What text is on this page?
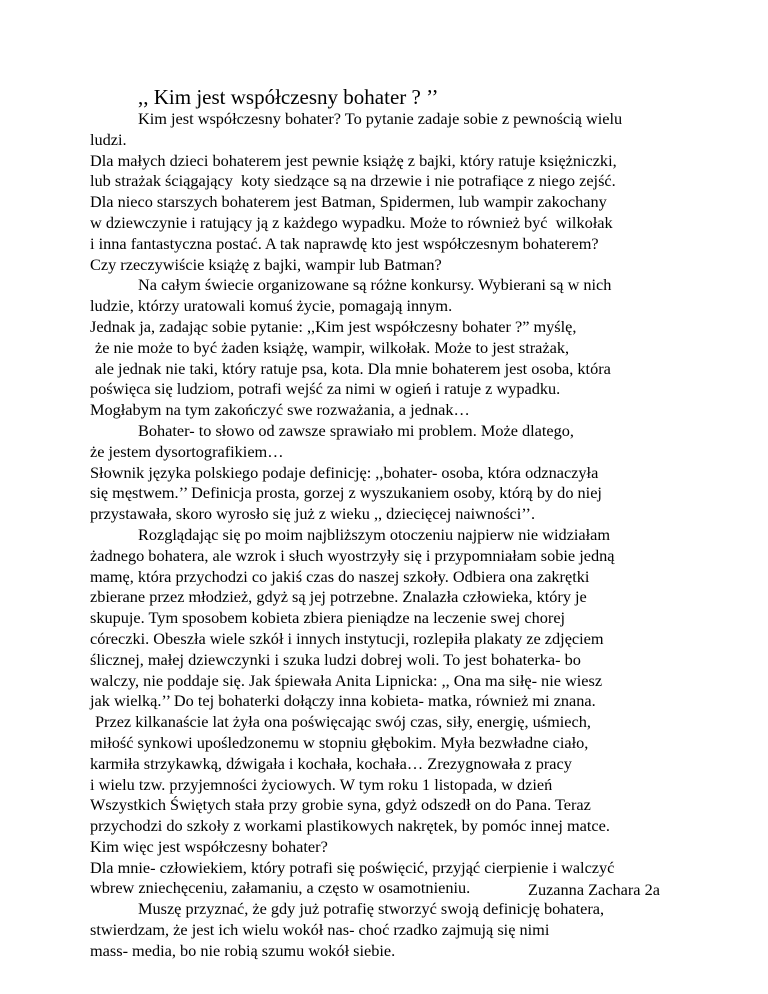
,, Kim jest współczesny bohater ? ’’
Kim jest współczesny bohater? To pytanie zadaje sobie z pewnością wielu
ludzi.
Dla małych dzieci bohaterem jest pewnie książę z bajki, który ratuje księżniczki,
lub strażak ściągający  koty siedzące są na drzewie i nie potrafiące z niego zejść.
Dla nieco starszych bohaterem jest Batman, Spidermen, lub wampir zakochany
w dziewczynie i ratujący ją z każdego wypadku. Może to również być  wilkołak
i inna fantastyczna postać. A tak naprawdę kto jest współczesnym bohaterem?
Czy rzeczywiście książę z bajki, wampir lub Batman?
Na całym świecie organizowane są różne konkursy. Wybierani są w nich
ludzie, którzy uratowali komuś życie, pomagają innym.
Jednak ja, zadając sobie pytanie: ,,Kim jest współczesny bohater ?” myślę,
że nie może to być żaden książę, wampir, wilkołak. Może to jest strażak,
ale jednak nie taki, który ratuje psa, kota. Dla mnie bohaterem jest osoba, która
poświęca się ludziom, potrafi wejść za nimi w ogień i ratuje z wypadku.
Mogłabym na tym zakończyć swe rozważania, a jednak…
Bohater- to słowo od zawsze sprawiało mi problem. Może dlatego,
że jestem dysortografikiem…
Słownik języka polskiego podaje definicję: ,,bohater- osoba, która odznaczyła
się męstwem.’’ Definicja prosta, gorzej z wyszukaniem osoby, którą by do niej
przystawała, skoro wyrosło się już z wieku ,, dziecięcej naiwności’’.
Rozglądając się po moim najbliższym otoczeniu najpierw nie widziałam
żadnego bohatera, ale wzrok i słuch wyostrzyły się i przypomniałam sobie jedną
mamę, która przychodzi co jakiś czas do naszej szkoły. Odbiera ona zakrętki
zbierane przez młodzież, gdyż są jej potrzebne. Znalazła człowieka, który je
skupuje. Tym sposobem kobieta zbiera pieniądze na leczenie swej chorej
córeczki. Obeszła wiele szkół i innych instytucji, rozlepiła plakaty ze zdjęciem
ślicznej, małej dziewczynki i szuka ludzi dobrej woli. To jest bohaterka- bo
walczy, nie poddaje się. Jak śpiewała Anita Lipnicka: ,, Ona ma siłę- nie wiesz
jak wielką.’’ Do tej bohaterki dołączy inna kobieta- matka, również mi znana.
Przez kilkanaście lat żyła ona poświęcając swój czas, siły, energię, uśmiech,
miłość synkowi upośledzonemu w stopniu głębokim. Myła bezwładne ciało,
karmiła strzykawką, dźwigała i kochała, kochała… Zrezygnowała z pracy
i wielu tzw. przyjemności życiowych. W tym roku 1 listopada, w dzień
Wszystkich Świętych stała przy grobie syna, gdyż odszedł on do Pana. Teraz
przychodzi do szkoły z workami plastikowych nakrętek, by pomóc innej matce.
Kim więc jest współczesny bohater?
Dla mnie- człowiekiem, który potrafi się poświęcić, przyjąć cierpienie i walczyć
wbrew zniechęceniu, załamaniu, a często w osamotnieniu.
Muszę przyznać, że gdy już potrafię stworzyć swoją definicję bohatera,
stwierdzam, że jest ich wielu wokół nas- choć rzadko zajmują się nimi
mass- media, bo nie robią szumu wokół siebie.
Zuzanna Zachara 2a
